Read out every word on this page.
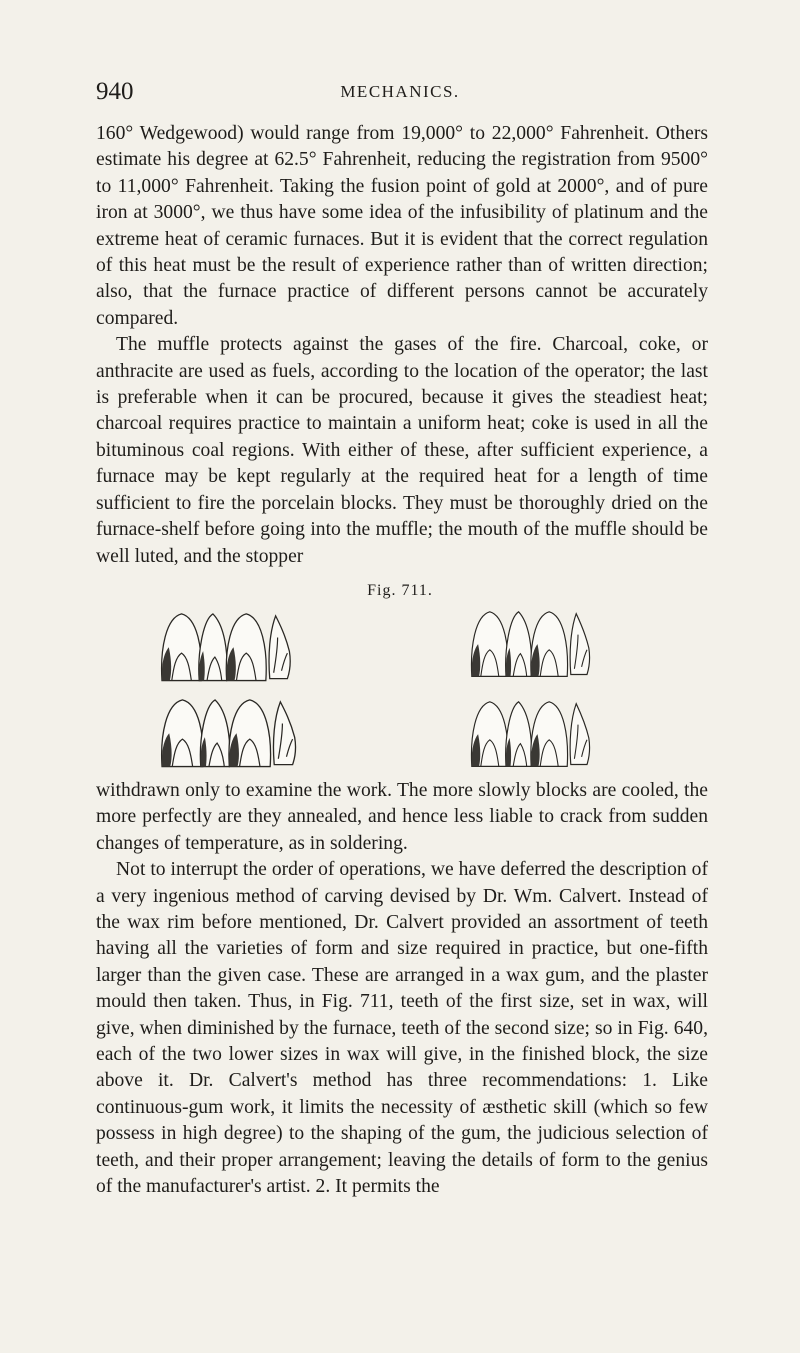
940	MECHANICS.

160° Wedgewood) would range from 19,000° to 22,000° Fahrenheit. Others estimate his degree at 62.5° Fahrenheit, reducing the registration from 9500° to 11,000° Fahrenheit. Taking the fusion point of gold at 2000°, and of pure iron at 3000°, we thus have some idea of the infusibility of platinum and the extreme heat of ceramic furnaces. But it is evident that the correct regulation of this heat must be the result of experience rather than of written direction; also, that the furnace practice of different persons cannot be accurately compared.

The muffle protects against the gases of the fire. Charcoal, coke, or anthracite are used as fuels, according to the location of the operator; the last is preferable when it can be procured, because it gives the steadiest heat; charcoal requires practice to maintain a uniform heat; coke is used in all the bituminous coal regions. With either of these, after sufficient experience, a furnace may be kept regularly at the required heat for a length of time sufficient to fire the porcelain blocks. They must be thoroughly dried on the furnace-shelf before going into the muffle; the mouth of the muffle should be well luted, and the stopper

Fig. 711.

withdrawn only to examine the work. The more slowly blocks are cooled, the more perfectly are they annealed, and hence less liable to crack from sudden changes of temperature, as in soldering.

Not to interrupt the order of operations, we have deferred the description of a very ingenious method of carving devised by Dr. Wm. Calvert. Instead of the wax rim before mentioned, Dr. Calvert provided an assortment of teeth having all the varieties of form and size required in practice, but one-fifth larger than the given case. These are arranged in a wax gum, and the plaster mould then taken. Thus, in Fig. 711, teeth of the first size, set in wax, will give, when diminished by the furnace, teeth of the second size; so in Fig. 640, each of the two lower sizes in wax will give, in the finished block, the size above it. Dr. Calvert's method has three recommendations: 1. Like continuous-gum work, it limits the necessity of æsthetic skill (which so few possess in high degree) to the shaping of the gum, the judicious selection of teeth, and their proper arrangement; leaving the details of form to the genius of the manufacturer's artist. 2. It permits the
